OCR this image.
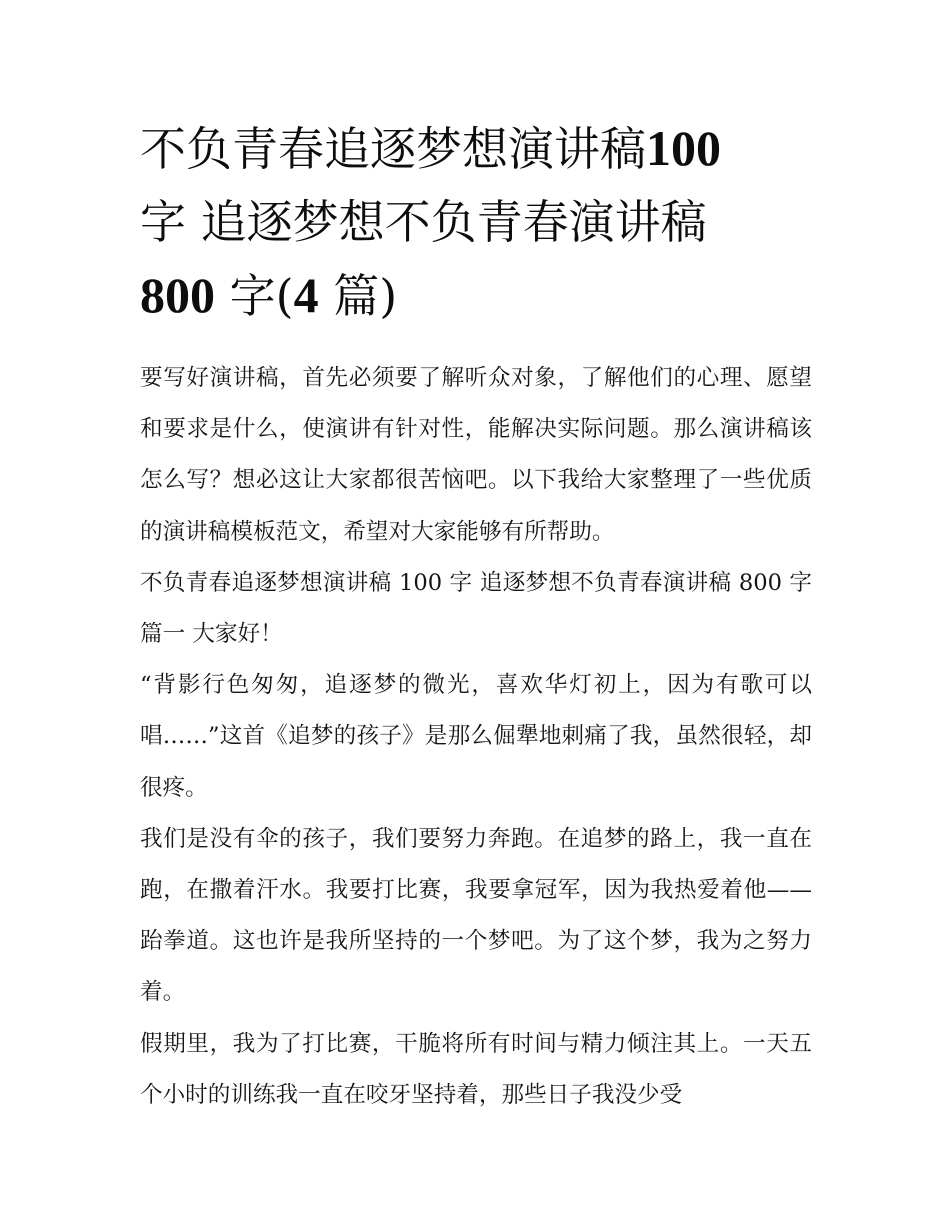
不负青春追逐梦想演讲稿100
字 追逐梦想不负青春演讲稿
800 字(4 篇)

要写好演讲稿，首先必须要了解听众对象，了解他们的心理、愿望和要求是什么，使演讲有针对性，能解决实际问题。那么演讲稿该怎么写？想必这让大家都很苦恼吧。以下我给大家整理了一些优质的演讲稿模板范文，希望对大家能够有所帮助。

不负青春追逐梦想演讲稿 100 字 追逐梦想不负青春演讲稿 800 字篇一 大家好！

“背影行色匆匆，追逐梦的微光，喜欢华灯初上，因为有歌可以唱……”这首《追梦的孩子》是那么倔犟地刺痛了我，虽然很轻，却很疼。

我们是没有伞的孩子，我们要努力奔跑。在追梦的路上，我一直在跑，在撒着汗水。我要打比赛，我要拿冠军，因为我热爱着他——跆拳道。这也许是我所坚持的一个梦吧。为了这个梦，我为之努力着。

假期里，我为了打比赛，干脆将所有时间与精力倾注其上。一天五个小时的训练我一直在咬牙坚持着，那些日子我没少受
